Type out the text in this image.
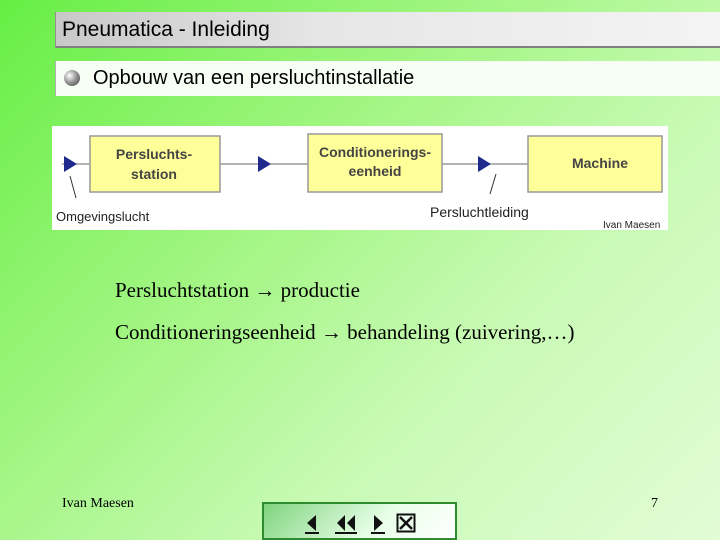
Pneumatica - Inleiding
Opbouw van een persluchtinstallatie
Persluchts-
station
Conditionerings-
eenheid	Machine
Omgevingslucht	Persluchtleiding
Ivan Maesen
Persluchtstation → productie
Conditioneringseenheid → behandeling (zuivering,…)
Ivan Maesen	7
